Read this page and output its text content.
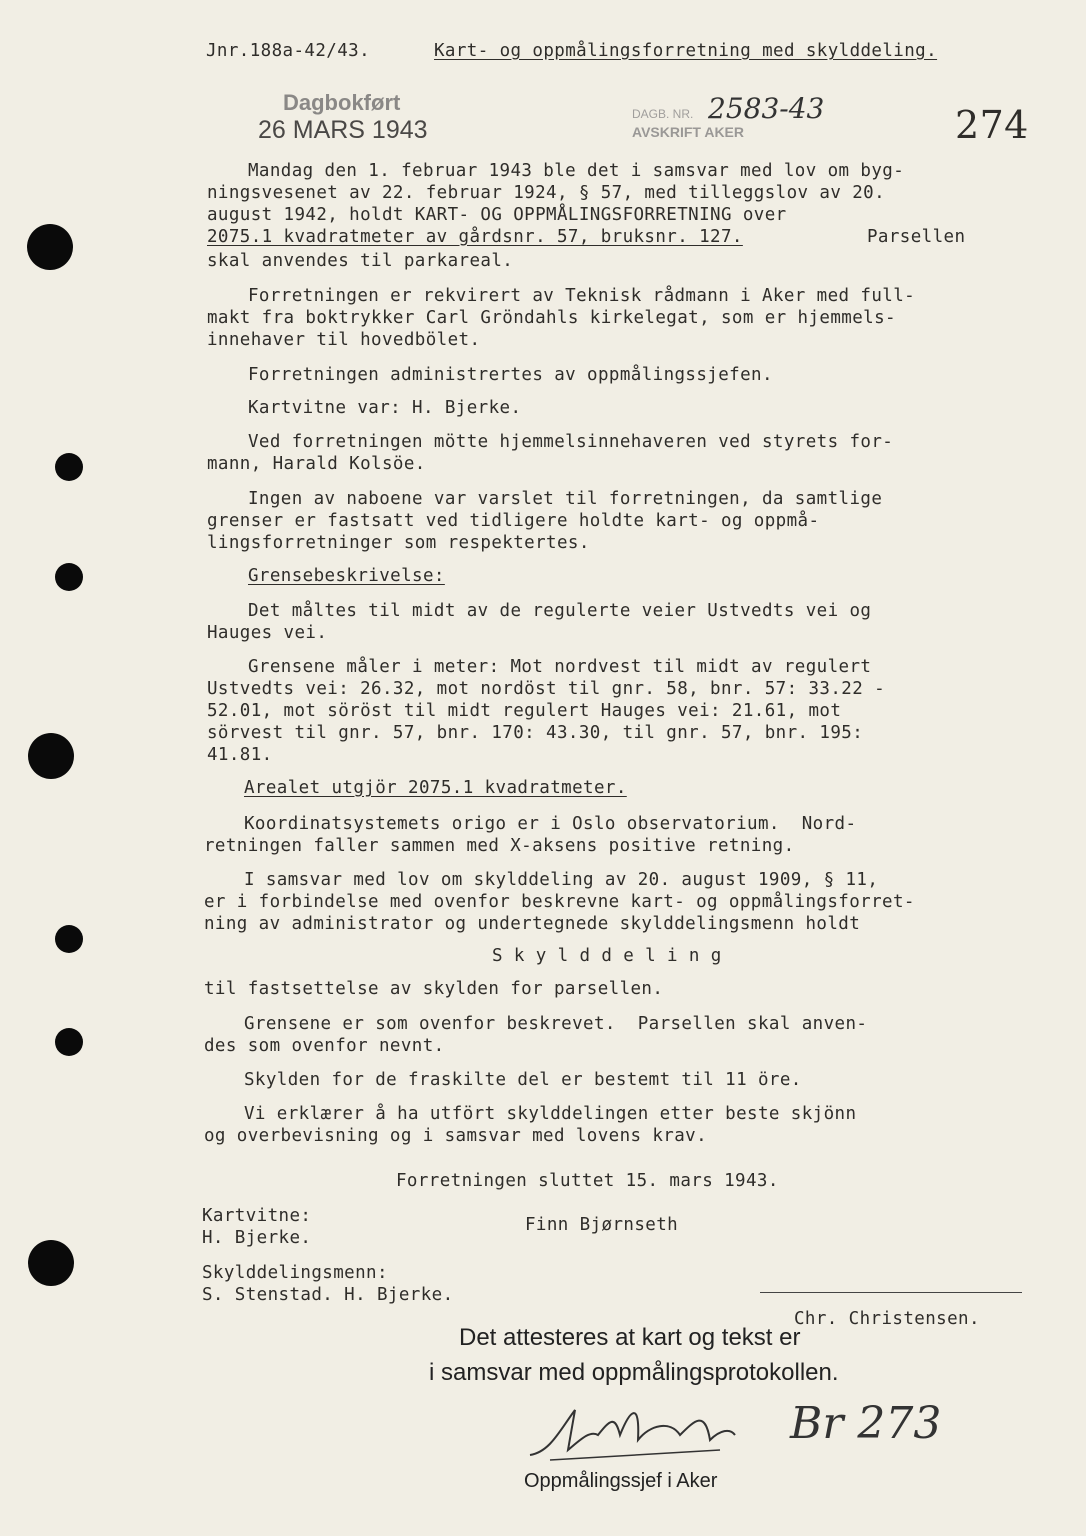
Jnr.188a-42/43.	Kart- og oppmålingsforretning med skylddeling.
Dagbokført
26 MARS 1943
DAGB. NR.
AVSKRIFT AKER
2583-43	274
Mandag den 1. februar 1943 ble det i samsvar med lov om byg-
ningsvesenet av 22. februar 1924, § 57, med tilleggslov av 20.
august 1942, holdt KART- OG OPPMÅLINGSFORRETNING over
2075.1 kvadratmeter av gårdsnr. 57, bruksnr. 127.	Parsellen
skal anvendes til parkareal.
Forretningen er rekvirert av Teknisk rådmann i Aker med full-
makt fra boktrykker Carl Gröndahls kirkelegat, som er hjemmels-
innehaver til hovedbölet.
Forretningen administrertes av oppmålingssjefen.
Kartvitne var: H. Bjerke.
Ved forretningen mötte hjemmelsinnehaveren ved styrets for-
mann, Harald Kolsöe.
Ingen av naboene var varslet til forretningen, da samtlige
grenser er fastsatt ved tidligere holdte kart- og oppmå-
lingsforretninger som respektertes.
Grensebeskrivelse:
Det måltes til midt av de regulerte veier Ustvedts vei og
Hauges vei.
Grensene måler i meter: Mot nordvest til midt av regulert
Ustvedts vei: 26.32, mot nordöst til gnr. 58, bnr. 57: 33.22 -
52.01, mot söröst til midt regulert Hauges vei: 21.61, mot
sörvest til gnr. 57, bnr. 170: 43.30, til gnr. 57, bnr. 195:
41.81.
Arealet utgjör 2075.1 kvadratmeter.
Koordinatsystemets origo er i Oslo observatorium.  Nord-
retningen faller sammen med X-aksens positive retning.
I samsvar med lov om skylddeling av 20. august 1909, § 11,
er i forbindelse med ovenfor beskrevne kart- og oppmålingsforret-
ning av administrator og undertegnede skylddelingsmenn holdt
S k y l d d e l i n g
til fastsettelse av skylden for parsellen.
Grensene er som ovenfor beskrevet.  Parsellen skal anven-
des som ovenfor nevnt.
Skylden for de fraskilte del er bestemt til 11 öre.
Vi erklærer å ha utfört skylddelingen etter beste skjönn
og overbevisning og i samsvar med lovens krav.
Forretningen sluttet 15. mars 1943.
Kartvitne:
H. Bjerke.
Finn Bjørnseth
Skylddelingsmenn:
S. Stenstad. H. Bjerke.
Chr. Christensen.
Det attesteres at kart og tekst er
i samsvar med oppmålingsprotokollen.
Br 273
Oppmålingssjef i Aker
